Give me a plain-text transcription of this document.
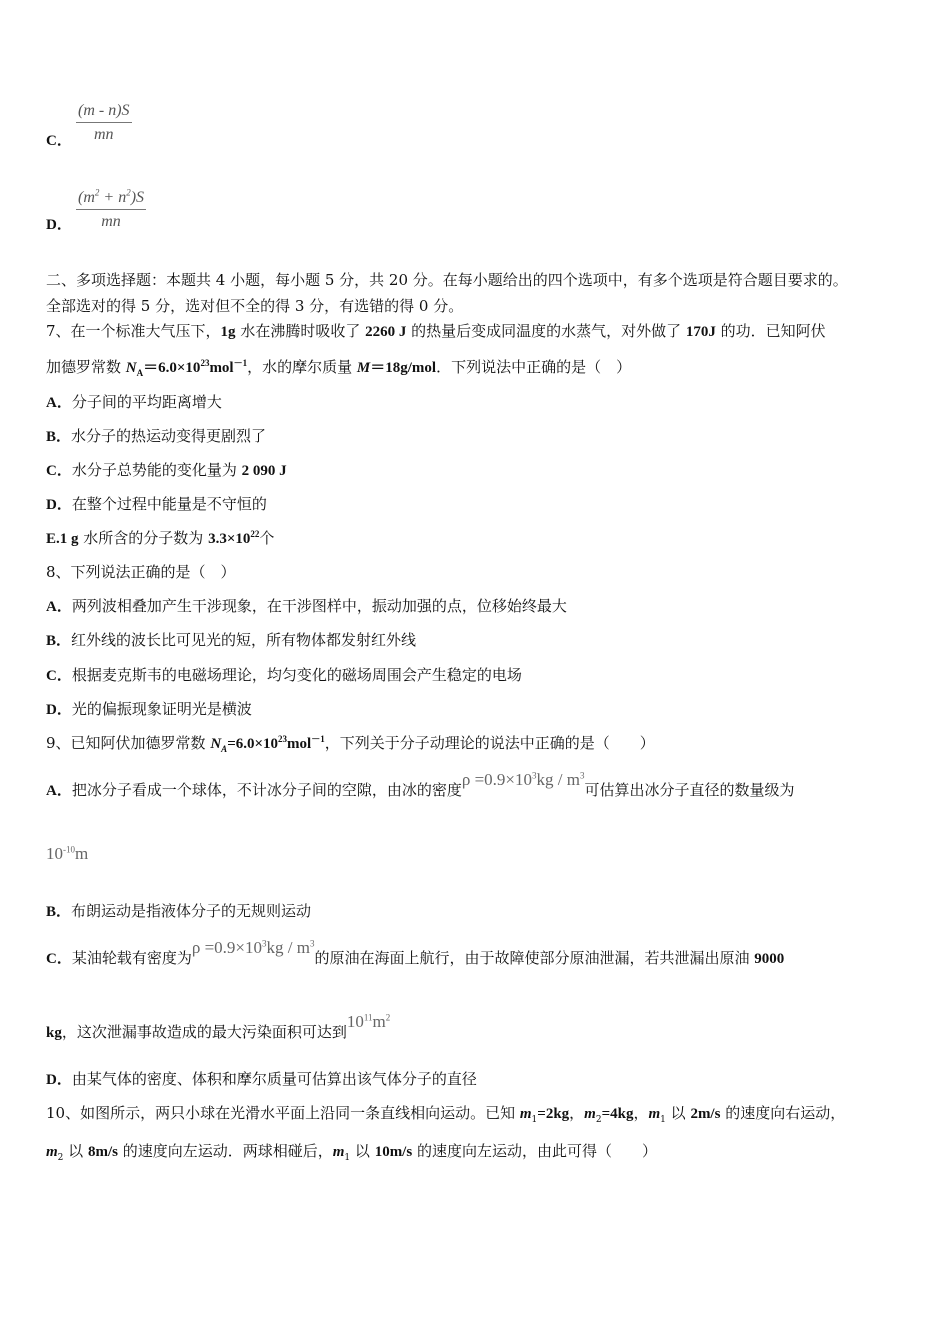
C． $\frac{(m - n)S}{mn}$
D． $\frac{(m^2 + n^2)S}{mn}$
二、多项选择题：本题共 4 小题，每小题 5 分，共 20 分。在每小题给出的四个选项中，有多个选项是符合题目要求的。
全部选对的得 5 分，选对但不全的得 3 分，有选错的得 0 分。
7、在一个标准大气压下，1g 水在沸腾时吸收了 2260 J 的热量后变成同温度的水蒸气，对外做了 170J 的功．已知阿伏
加德罗常数 $N_A=6.0\times 10^{23}mol^{-1}$，水的摩尔质量 M＝18g/mol．下列说法中正确的是（　）
A．分子间的平均距离增大
B．水分子的热运动变得更剧烈了
C．水分子总势能的变化量为 2 090 J
D．在整个过程中能量是不守恒的
E.1 g 水所含的分子数为 $3.3\times 10^{22}$个
8、下列说法正确的是（　）
A．两列波相叠加产生干涉现象，在干涉图样中，振动加强的点，位移始终最大
B．红外线的波长比可见光的短，所有物体都发射红外线
C．根据麦克斯韦的电磁场理论，均匀变化的磁场周围会产生稳定的电场
D．光的偏振现象证明光是横波
9、已知阿伏加德罗常数 $N_A=6.0\times 10^{23}mol^{-1}$，下列关于分子动理论的说法中正确的是（　　）
A．把冰分子看成一个球体，不计冰分子间的空隙，由冰的密度$\rho =0.9\times 10^3kg / m^3$可估算出冰分子直径的数量级为
$10^{-10}m$
B．布朗运动是指液体分子的无规则运动
C．某油轮载有密度为$\rho =0.9\times 10^3kg / m^3$的原油在海面上航行，由于故障使部分原油泄漏，若共泄漏出原油 9000
kg，这次泄漏事故造成的最大污染面积可达到$10^{11}m^2$
D．由某气体的密度、体积和摩尔质量可估算出该气体分子的直径
10、如图所示，两只小球在光滑水平面上沿同一条直线相向运动。已知 $m_1=2kg$，$m_2=4kg$，$m_1$ 以 2m/s 的速度向右运动，
$m_2$ 以 8m/s 的速度向左运动．两球相碰后，$m_1$ 以 10m/s 的速度向左运动，由此可得（　　）
